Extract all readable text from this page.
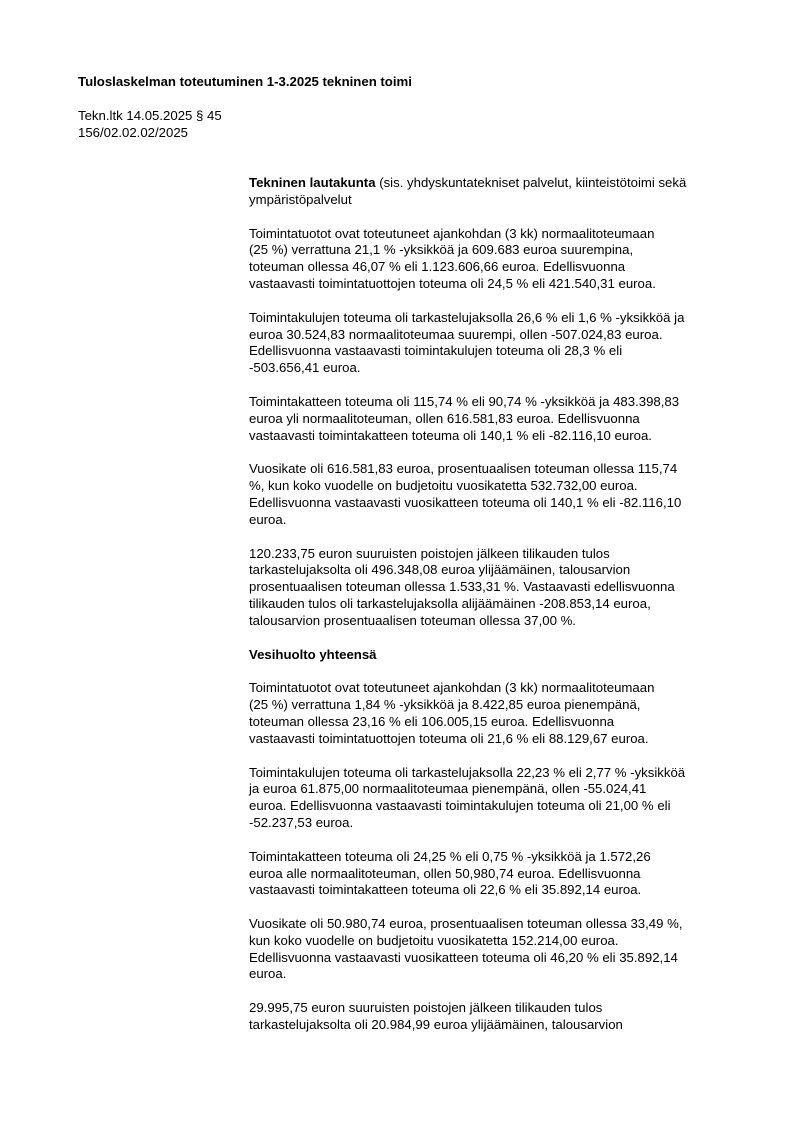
Tuloslaskelman toteutuminen 1-3.2025 tekninen toimi
Tekn.ltk 14.05.2025 § 45
156/02.02.02/2025
Tekninen lautakunta (sis. yhdyskuntatekniset palvelut, kiinteistötoimi sekä
ympäristöpalvelut
Toimintatuotot ovat toteutuneet ajankohdan (3 kk) normaalitoteumaan
(25 %) verrattuna 21,1 % -yksikköä ja 609.683 euroa suurempina,
toteuman ollessa 46,07 % eli 1.123.606,66 euroa. Edellisvuonna
vastaavasti toimintatuottojen toteuma oli 24,5 % eli 421.540,31 euroa.
Toimintakulujen toteuma oli tarkastelujaksolla 26,6 % eli 1,6 % -yksikköä ja
euroa 30.524,83 normaalitoteumaa suurempi, ollen -507.024,83 euroa.
Edellisvuonna vastaavasti toimintakulujen toteuma oli 28,3 % eli
-503.656,41 euroa.
Toimintakatteen toteuma oli 115,74 % eli 90,74 % -yksikköä ja 483.398,83
euroa yli normaalitoteuman, ollen 616.581,83 euroa. Edellisvuonna
vastaavasti toimintakatteen toteuma oli 140,1 % eli -82.116,10 euroa.
Vuosikate oli 616.581,83 euroa, prosentuaalisen toteuman ollessa 115,74
%, kun koko vuodelle on budjetoitu vuosikatetta 532.732,00 euroa.
Edellisvuonna vastaavasti vuosikatteen toteuma oli 140,1 % eli -82.116,10
euroa.
120.233,75 euron suuruisten poistojen jälkeen tilikauden tulos
tarkastelujaksolta oli 496.348,08 euroa ylijäämäinen, talousarvion
prosentuaalisen toteuman ollessa 1.533,31 %. Vastaavasti edellisvuonna
tilikauden tulos oli tarkastelujaksolla alijäämäinen -208.853,14 euroa,
talousarvion prosentuaalisen toteuman ollessa 37,00 %.
Vesihuolto yhteensä
Toimintatuotot ovat toteutuneet ajankohdan (3 kk) normaalitoteumaan
(25 %) verrattuna 1,84 % -yksikköä ja 8.422,85 euroa pienempänä,
toteuman ollessa 23,16 % eli 106.005,15 euroa. Edellisvuonna
vastaavasti toimintatuottojen toteuma oli 21,6 % eli 88.129,67 euroa.
Toimintakulujen toteuma oli tarkastelujaksolla 22,23 % eli 2,77 % -yksikköä
ja euroa 61.875,00 normaalitoteumaa pienempänä, ollen -55.024,41
euroa. Edellisvuonna vastaavasti toimintakulujen toteuma oli 21,00 % eli
-52.237,53 euroa.
Toimintakatteen toteuma oli 24,25 % eli 0,75 % -yksikköä ja 1.572,26
euroa alle normaalitoteuman, ollen 50,980,74 euroa. Edellisvuonna
vastaavasti toimintakatteen toteuma oli 22,6 % eli 35.892,14 euroa.
Vuosikate oli 50.980,74 euroa, prosentuaalisen toteuman ollessa 33,49 %,
kun koko vuodelle on budjetoitu vuosikatetta 152.214,00 euroa.
Edellisvuonna vastaavasti vuosikatteen toteuma oli 46,20 % eli 35.892,14
euroa.
29.995,75 euron suuruisten poistojen jälkeen tilikauden tulos
tarkastelujaksolta oli 20.984,99 euroa ylijäämäinen, talousarvion
